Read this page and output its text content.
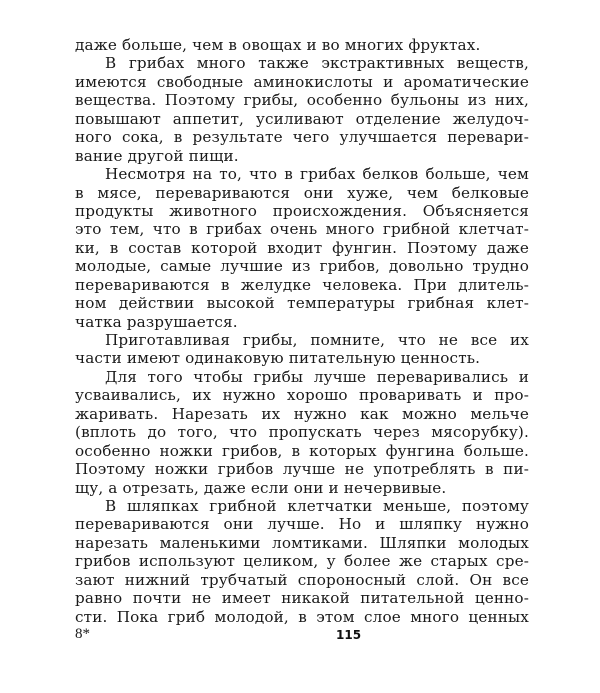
даже больше, чем в овощах и во многих фруктах.
В грибах много также экстрактивных веществ,
имеются свободные аминокислоты и ароматические
вещества. Поэтому грибы, особенно бульоны из них,
повышают аппетит, усиливают отделение желудоч-
ного сока, в результате чего улучшается перевари-
вание другой пищи.
Несмотря на то, что в грибах белков больше, чем
в мясе, перевариваются они хуже, чем белковые
продукты животного происхождения. Объясняется
это тем, что в грибах очень много грибной клетчат-
ки, в состав которой входит фунгин. Поэтому даже
молодые, самые лучшие из грибов, довольно трудно
перевариваются в желудке человека. При длитель-
ном действии высокой температуры грибная клет-
чатка разрушается.
Приготавливая грибы, помните, что не все их
части имеют одинаковую питательную ценность.
Для того чтобы грибы лучше переваривались и
усваивались, их нужно хорошо проваривать и про-
жаривать. Нарезать их нужно как можно мельче
(вплоть до того, что пропускать через мясорубку).
особенно ножки грибов, в которых фунгина больше.
Поэтому ножки грибов лучше не употреблять в пи-
щу, а отрезать, даже если они и нечервивые.
В шляпках грибной клетчатки меньше, поэтому
перевариваются они лучше. Но и шляпку нужно
нарезать маленькими ломтиками. Шляпки молодых
грибов используют целиком, у более же старых сре-
зают нижний трубчатый спороносный слой. Он все
равно почти не имеет никакой питательной ценно-
сти. Пока гриб молодой, в этом слое много ценных
8*	115
